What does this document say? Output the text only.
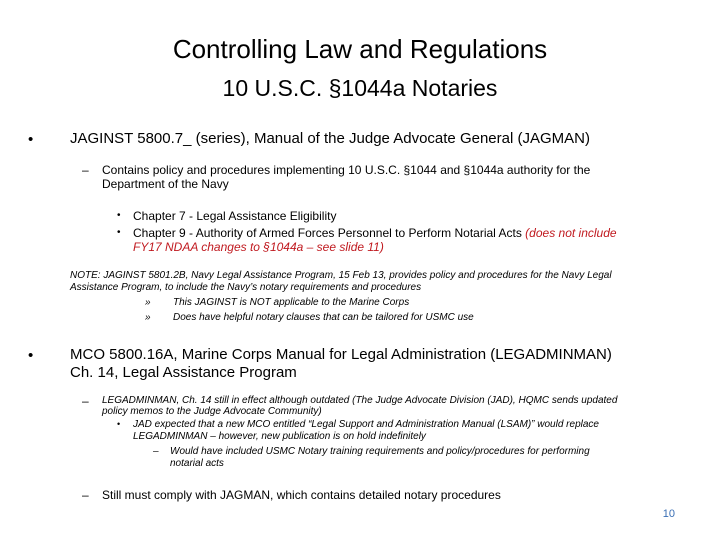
Controlling Law and Regulations
10 U.S.C. §1044a Notaries
• JAGINST 5800.7_ (series), Manual of the Judge Advocate General (JAGMAN)
– Contains policy and procedures implementing 10 U.S.C. §1044 and §1044a authority for the
Department of the Navy
• Chapter 7 - Legal Assistance Eligibility
• Chapter 9 - Authority of Armed Forces Personnel to Perform Notarial Acts (does not include
FY17 NDAA changes to §1044a – see slide 11)
NOTE: JAGINST 5801.2B, Navy Legal Assistance Program, 15 Feb 13, provides policy and procedures for the Navy Legal
Assistance Program, to include the Navy’s notary requirements and procedures
» This JAGINST is NOT applicable to the Marine Corps
» Does have helpful notary clauses that can be tailored for USMC use
• MCO 5800.16A, Marine Corps Manual for Legal Administration (LEGADMINMAN)
Ch. 14, Legal Assistance Program
– LEGADMINMAN, Ch. 14 still in effect although outdated (The Judge Advocate Division (JAD), HQMC sends updated
policy memos to the Judge Advocate Community)
• JAD expected that a new MCO entitled “Legal Support and Administration Manual (LSAM)” would replace
LEGADMINMAN – however, new publication is on hold indefinitely
– Would have included USMC Notary training requirements and policy/procedures for performing
notarial acts
– Still must comply with JAGMAN, which contains detailed notary procedures
10
